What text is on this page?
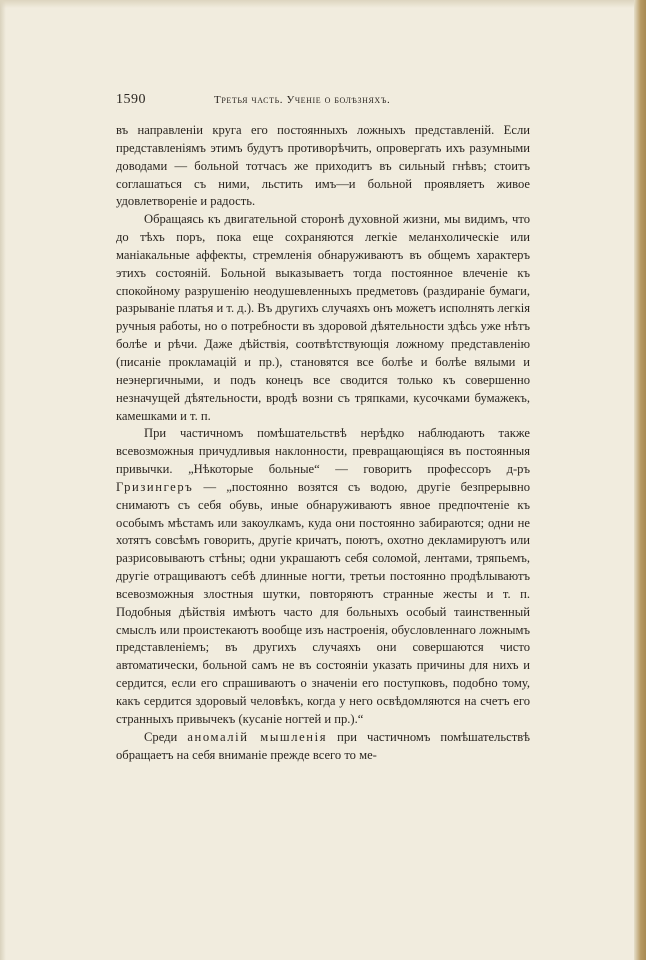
1590	Третья часть. Ученiе о болѣзняхъ.

въ направленiи круга его постоянныхъ ложныхъ представленiй. Если представленiямъ этимъ будутъ противорѣчить, опровергать ихъ разумными доводами — больной тотчасъ же приходитъ въ сильный гнѣвъ; стоитъ соглашаться съ ними, льстить имъ—и больной проявляетъ живое удовлетворенiе и радость.

Обращаясь къ двигательной сторонѣ духовной жизни, мы видимъ, что до тѣхъ поръ, пока еще сохраняются легкiе меланхолическiе или манiакальные аффекты, стремленiя обнаруживаютъ въ общемъ характеръ этихъ состоянiй. Больной выказываетъ тогда постоянное влеченiе къ спокойному разрушенiю неодушевленныхъ предметовъ (раздиранiе бумаги, разрыванiе платья и т. д.). Въ другихъ случаяхъ онъ можетъ исполнять легкiя ручныя работы, но о потребности въ здоровой дѣятельности здѣсь уже нѣтъ болѣе и рѣчи. Даже дѣйствiя, соотвѣтствующiя ложному представленiю (писанiе прокламацiй и пр.), становятся все болѣе и болѣе вялыми и неэнергичными, и подъ конецъ все сводится только къ совершенно незначущей дѣятельности, вродѣ возни съ тряпками, кусочками бумажекъ, камешками и т. п.

При частичномъ помѣшательствѣ нерѣдко наблюдаютъ также всевозможныя причудливыя наклонности, превращающiяся въ постоянныя привычки. „Нѣкоторые больные“ — говоритъ профессоръ д-ръ Гризингеръ — „постоянно возятся съ водою, другiе безпрерывно снимаютъ съ себя обувь, иные обнаруживаютъ явное предпочтенiе къ особымъ мѣстамъ или закоулкамъ, куда они постоянно забираются; одни не хотятъ совсѣмъ говорить, другiе кричатъ, поютъ, охотно декламируютъ или разрисовываютъ стѣны; одни украшаютъ себя соломой, лентами, тряпьемъ, другiе отращиваютъ себѣ длинные ногти, третьи постоянно продѣлываютъ всевозможныя злостныя шутки, повторяютъ странные жесты и т. п. Подобныя дѣйствiя имѣютъ часто для больныхъ особый таинственный смыслъ или проистекаютъ вообще изъ настроенiя, обусловленнаго ложнымъ представленiемъ; въ другихъ случаяхъ они совершаются чисто автоматически, больной самъ не въ состоянiи указать причины для нихъ и сердится, если его спрашиваютъ о значенiи его поступковъ, подобно тому, какъ сердится здоровый человѣкъ, когда у него освѣдомляются на счетъ его странныхъ привычекъ (кусанiе ногтей и пр.).“

Среди аномалiй мышленiя при частичномъ помѣшательствѣ обращаетъ на себя вниманiе прежде всего то ме-
